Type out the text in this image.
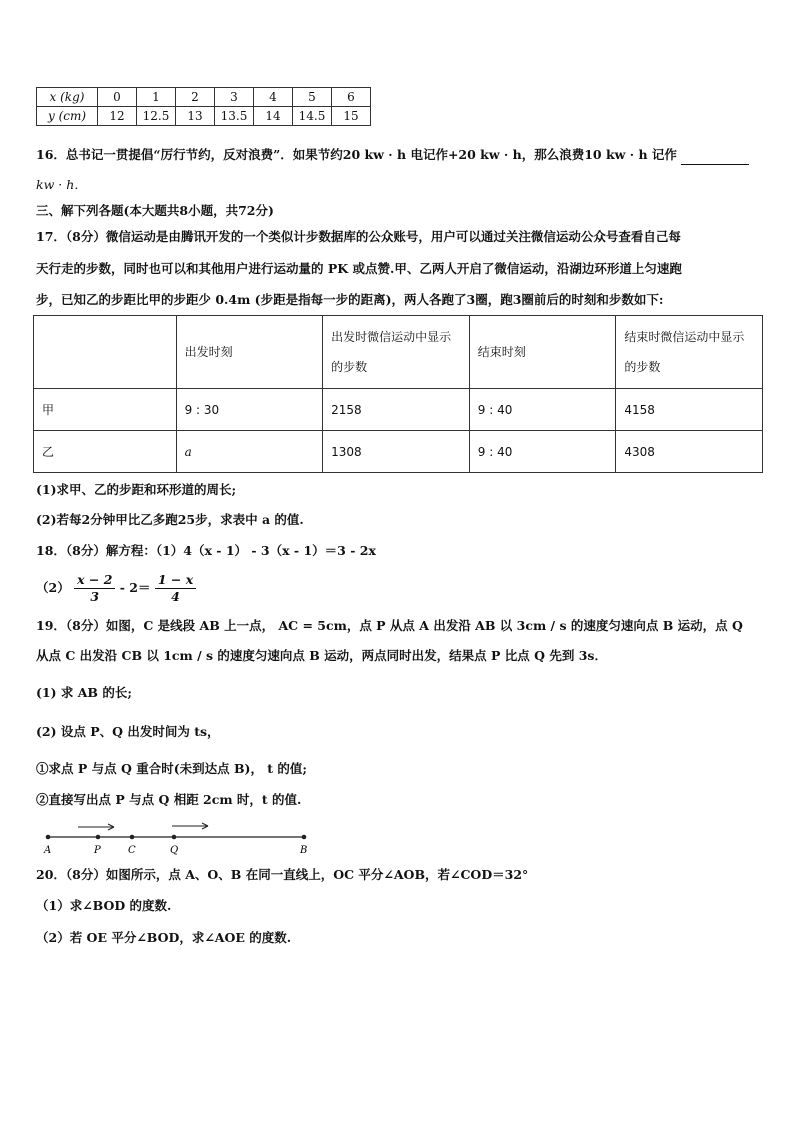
x (kg)	0	1	2	3	4	5	6
y (cm)	12	12.5	13	13.5	14	14.5	15
16．总书记一贯提倡“厉行节约，反对浪费”．如果节约20 kw · h 电记作+20 kw · h，那么浪费10 kw · h 记作
kw · h．
三、解下列各题(本大题共8小题，共72分)
17．（8分）微信运动是由腾讯开发的一个类似计步数据库的公众账号，用户可以通过关注微信运动公众号查看自己每
天行走的步数，同时也可以和其他用户进行运动量的 PK 或点赞.甲、乙两人开启了微信运动，沿湖边环形道上匀速跑
步，已知乙的步距比甲的步距少 0.4m (步距是指每一步的距离)，两人各跑了3圈，跑3圈前后的时刻和步数如下:
	出发时刻	出发时微信运动中显示的步数	结束时刻	结束时微信运动中显示的步数
甲	9 : 30	2158	9 : 40	4158
乙	a	1308	9 : 40	4308
(1)求甲、乙的步距和环形道的周长;
(2)若每2分钟甲比乙多跑25步，求表中 a 的值.
18．（8分）解方程：（1）4（x - 1） - 3（x - 1）＝3 - 2x
$(2) \frac{x - 2}{3} - 2= \frac{1 - x}{4}$
19．（8分）如图，C 是线段 AB 上一点， AC = 5cm，点 P 从点 A 出发沿 AB 以 3cm / s 的速度匀速向点 B 运动，点 Q
从点 C 出发沿 CB 以 1cm / s 的速度匀速向点 B 运动，两点同时出发，结果点 P 比点 Q 先到 3s．
(1) 求 AB 的长;
(2) 设点 P、Q 出发时间为 ts，
①求点 P 与点 Q 重合时(未到达点 B)， t 的值;
②直接写出点 P 与点 Q 相距 2cm 时，t 的值.
A	P	C	Q	B
20．（8分）如图所示，点 A、O、B 在同一直线上，OC 平分∠AOB，若∠COD＝32°
（1）求∠BOD 的度数.
（2）若 OE 平分∠BOD，求∠AOE 的度数.
